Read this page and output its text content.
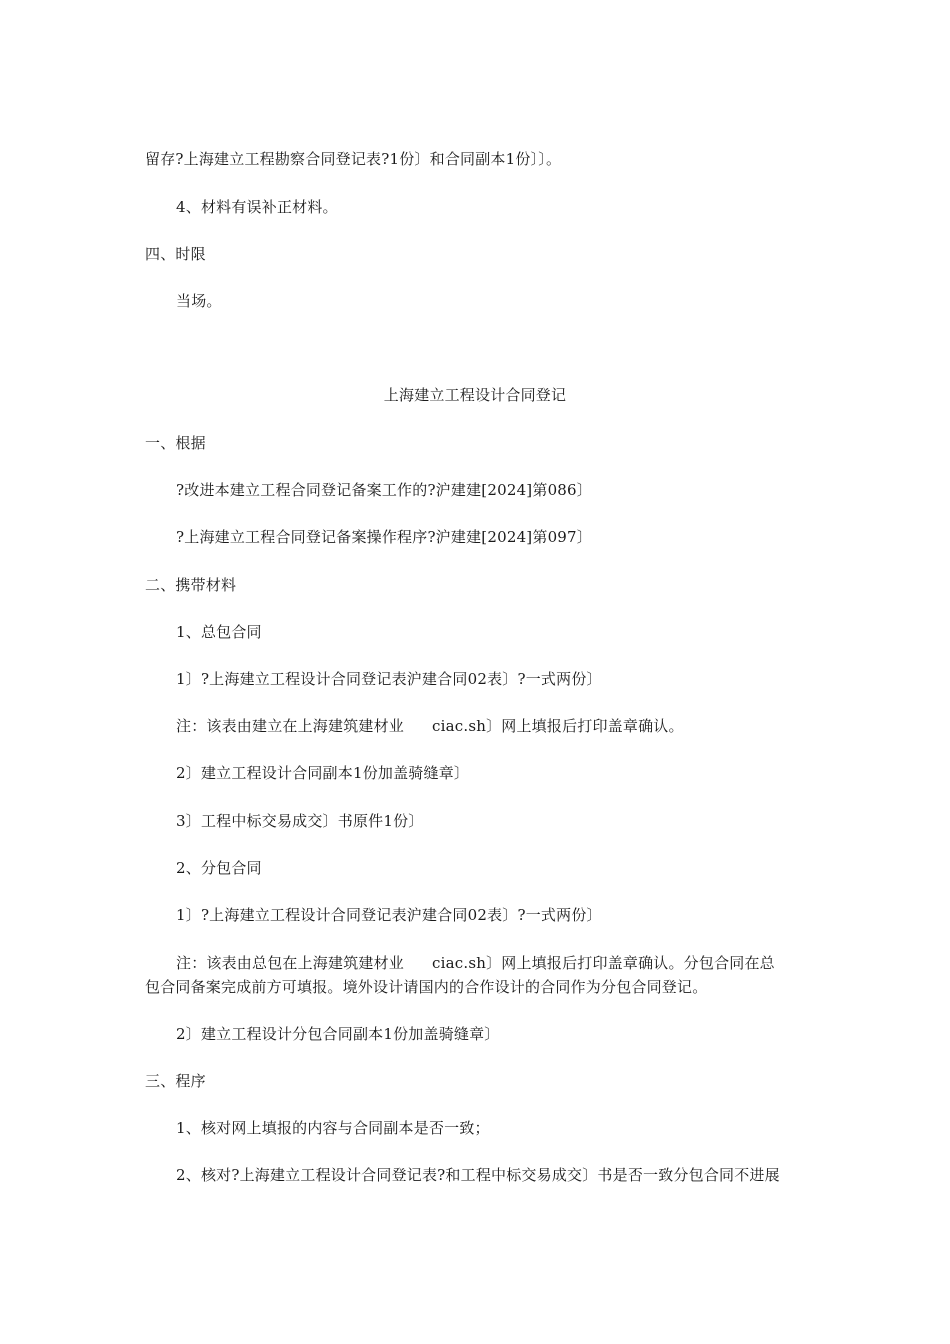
留存?上海建立工程勘察合同登记表?1份〕和合同副本1份〕〕。
4、材料有误补正材料。
四、时限
当场。
上海建立工程设计合同登记
一、根据
?改进本建立工程合同登记备案工作的?沪建建[2024]第086〕
?上海建立工程合同登记备案操作程序?沪建建[2024]第097〕
二、携带材料
1、总包合同
1〕?上海建立工程设计合同登记表沪建合同02表〕?一式两份〕
注：该表由建立在上海建筑建材业 ciac.sh〕网上填报后打印盖章确认。
2〕建立工程设计合同副本1份加盖骑缝章〕
3〕工程中标交易成交〕书原件1份〕
2、分包合同
1〕?上海建立工程设计合同登记表沪建合同02表〕?一式两份〕
注：该表由总包在上海建筑建材业 ciac.sh〕网上填报后打印盖章确认。分包合同在总
包合同备案完成前方可填报。境外设计请国内的合作设计的合同作为分包合同登记。
2〕建立工程设计分包合同副本1份加盖骑缝章〕
三、程序
1、核对网上填报的内容与合同副本是否一致；
2、核对?上海建立工程设计合同登记表?和工程中标交易成交〕书是否一致分包合同不进展
